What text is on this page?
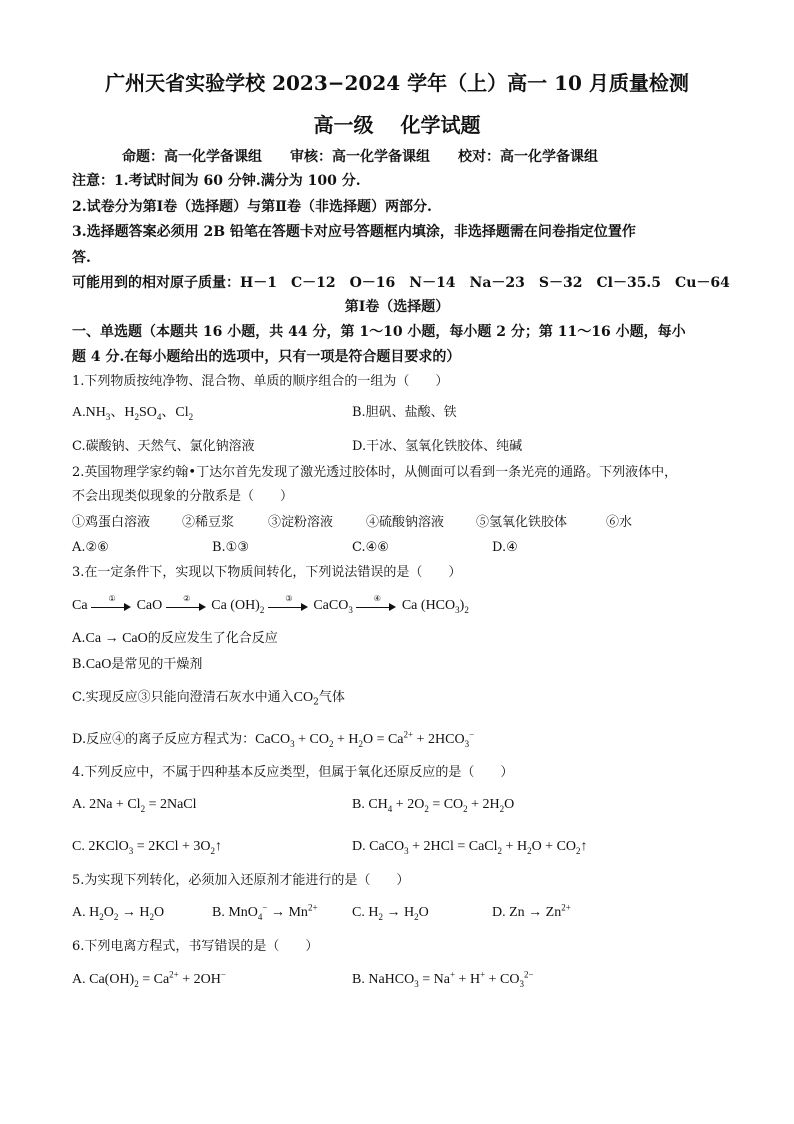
广州天省实验学校 2023−2024 学年（上）高一 10 月质量检测
高一级　 化学试题
命题：高一化学备课组　　审核：高一化学备课组　　校对：高一化学备课组
注意：1.考试时间为 60 分钟.满分为 100 分.
2.试卷分为第Ⅰ卷（选择题）与第Ⅱ卷（非选择题）两部分.
3.选择题答案必须用 2B 铅笔在答题卡对应号答题框内填涂，非选择题需在问卷指定位置作
答.
可能用到的相对原子质量：H－1　C－12　O－16　N－14　Na－23　S－32　Cl－35.5　Cu－64
第Ⅰ卷（选择题）
一、单选题（本题共 16 小题，共 44 分，第 1～10 小题，每小题 2 分；第 11～16 小题，每小
题 4 分.在每小题给出的选项中，只有一项是符合题目要求的）
1.下列物质按纯净物、混合物、单质的顺序组合的一组为（　　）
$A.NH_3$、$H_2SO_4$、$Cl_2$	B.胆矾、盐酸、铁
C.碳酸钠、天然气、氯化钠溶液	D.干冰、氢氧化铁胶体、纯碱
2.英国物理学家约翰•丁达尔首先发现了激光透过胶体时，从侧面可以看到一条光亮的通路。下列液体中，
不会出现类似现象的分散系是（　　）
①鸡蛋白溶液 ②稀豆浆	③淀粉溶液	④硫酸钠溶液 ⑤氢氧化铁胶体	⑥水
A.②⑥	B.①③	C.④⑥	D.④
3.在一定条件下，实现以下物质间转化，下列说法错误的是（　　）
Ca	①	CaO	②	Ca $(OH)_2$
③	CaCO$_3$
④	Ca $(HCO_3)_2$
A.Ca → CaO的反应发生了化合反应
B.CaO是常见的干燥剂
C.实现反应③只能向澄清石灰水中通入$CO_2$气体
D.反应④的离子反应方程式为：CaCO$_3$ + $CO_2 + H_2O = Ca^{2+} + 2HCO_3^-$
4.下列反应中，不属于四种基本反应类型，但属于氧化还原反应的是（　　）
A. $2Na + Cl_2$ = 2NaCl	B. $CH_4 + 2O_2 = CO_2 + 2H_2O$
C. 2KClO$_3$ = $2KCl + 3O_2↑$	D. CaCO$_3$ + 2HCl = CaCl$_2$ + $H_2O$ + $CO_2↑$
5.为实现下列转化，必须加入还原剂才能进行的是（　　）
A. $H_2O_2 \to H_2O$	B. $MnO_4^- \to Mn^{2+}$ C. $H_2 \to H_2O$	D. $Zn \to Zn^{2+}$
6.下列电离方程式，书写错误的是（　　）
A. $Ca(OH)_2 = Ca^{2+} + 2OH^-$	B. NaHCO$_3$ = $Na^+ + H^+ + CO_3^{2-}$
